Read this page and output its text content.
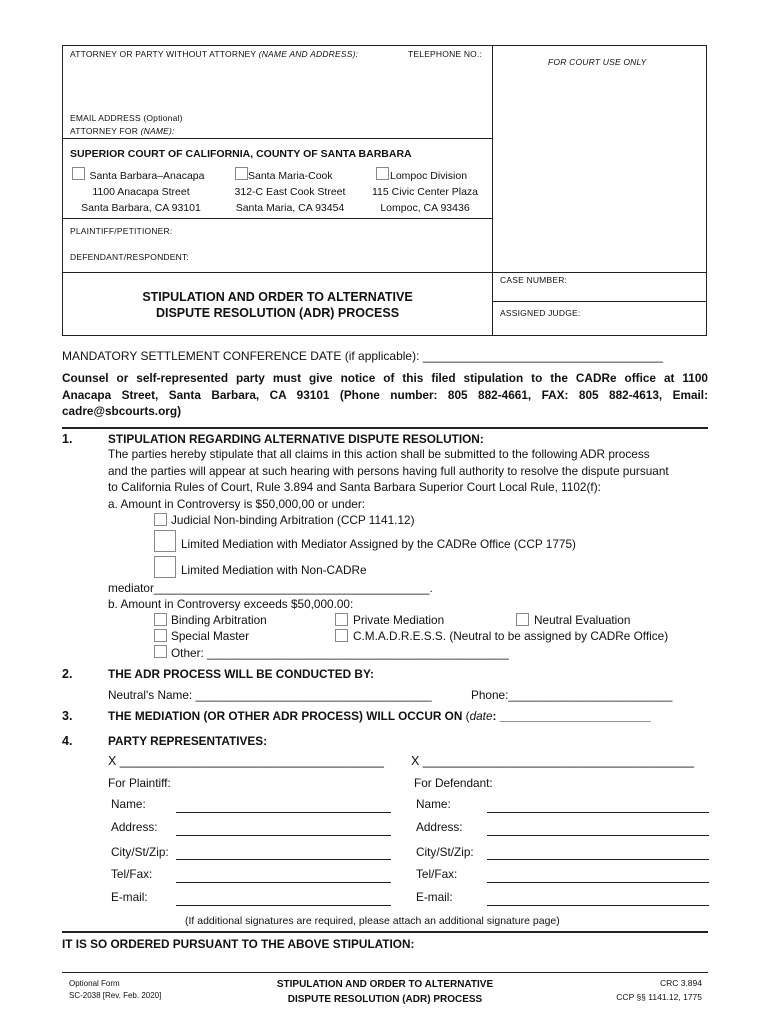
ATTORNEY OR PARTY WITHOUT ATTORNEY (NAME AND ADDRESS):	TELEPHONE NO.:
FOR COURT USE ONLY
EMAIL ADDRESS (Optional)
ATTORNEY FOR (NAME):
SUPERIOR COURT OF CALIFORNIA, COUNTY OF SANTA BARBARA
Santa Barbara–Anacapa
1100 Anacapa Street
Santa Barbara, CA 93101
Santa Maria-Cook
312-C East Cook Street
Santa Maria, CA 93454
Lompoc Division
115 Civic Center Plaza
Lompoc, CA 93436
PLAINTIFF/PETITIONER:
DEFENDANT/RESPONDENT:
CASE NUMBER:
ASSIGNED JUDGE:
STIPULATION AND ORDER TO ALTERNATIVE
DISPUTE RESOLUTION (ADR) PROCESS
MANDATORY SETTLEMENT CONFERENCE DATE (if applicable): ____________________________________
Counsel or self-represented party must give notice of this filed stipulation to the CADRe office at 1100
Anacapa Street, Santa Barbara, CA 93101 (Phone number: 805 882-4661, FAX: 805 882-4613, Email:
cadre@sbcourts.org)
1.	STIPULATION REGARDING ALTERNATIVE DISPUTE RESOLUTION:
The parties hereby stipulate that all claims in this action shall be submitted to the following ADR process
and the parties will appear at such hearing with persons having full authority to resolve the dispute pursuant
to California Rules of Court, Rule 3.894 and Santa Barbara Superior Court Local Rule, 1102(f):
a. Amount in Controversy is $50,000,00 or under:
Judicial Non-binding Arbitration (CCP 1141.12)
Limited Mediation with Mediator Assigned by the CADRe Office (CCP 1775)
Limited Mediation with Non-CADRe
mediator__________________________________________.
b. Amount in Controversy exceeds $50,000.00:
Binding Arbitration	Private Mediation	Neutral Evaluation
Special Master	C.M.A.D.R.E.S.S. (Neutral to be assigned by CADRe Office)
Other: ______________________________________________
2.	THE ADR PROCESS WILL BE CONDUCTED BY:
Neutral's Name: ____________________________________	Phone:_________________________
3.	THE MEDIATION (OR OTHER ADR PROCESS) WILL OCCUR ON (date: _______________________
4.	PARTY REPRESENTATIVES:
X ______________________________________ X _______________________________________
For Plaintiff:	For Defendant:
Name:
Address:
City/St/Zip:
Tel/Fax:
E-mail:
Name:
Address:
City/St/Zip:
Tel/Fax:
E-mail:
(If additional signatures are required, please attach an additional signature page)
IT IS SO ORDERED PURSUANT TO THE ABOVE STIPULATION:
Optional Form
SC-2038 [Rev. Feb. 2020]
STIPULATION AND ORDER TO ALTERNATIVE
DISPUTE RESOLUTION (ADR) PROCESS
CRC 3.894
CCP §§ 1141.12, 1775
